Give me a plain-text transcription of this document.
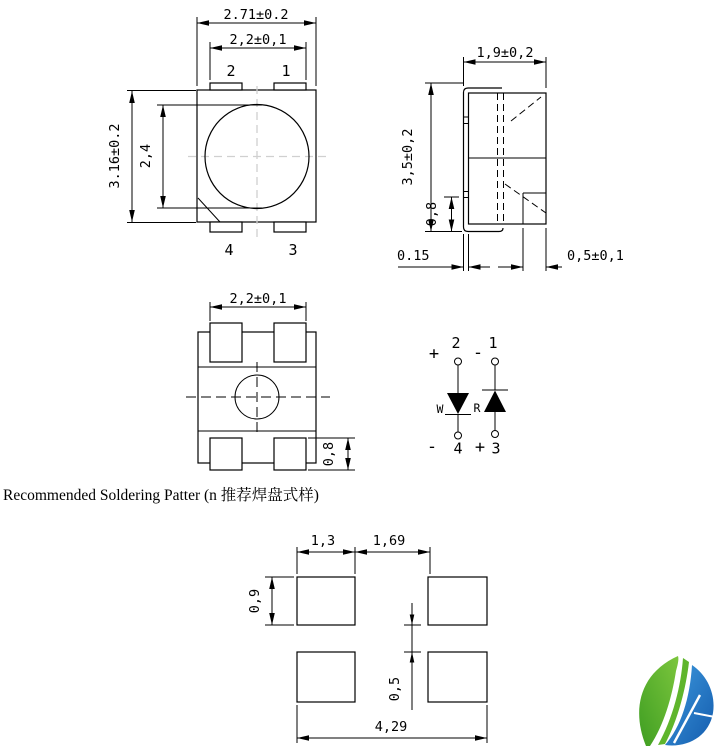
2.71±0.2
2,2±0,1
2	1
4	3
3.16±0.2 2,4
1,9±0,2
3,5±0,2
0,8
0.15	0,5±0,1
2,2±0,1
0,8
+
2 - 1
W	R
- 4 + 3
Recommended Soldering Patter (n 推荐焊盘式样)
1,3	1,69
0,9
0,5
4,29
